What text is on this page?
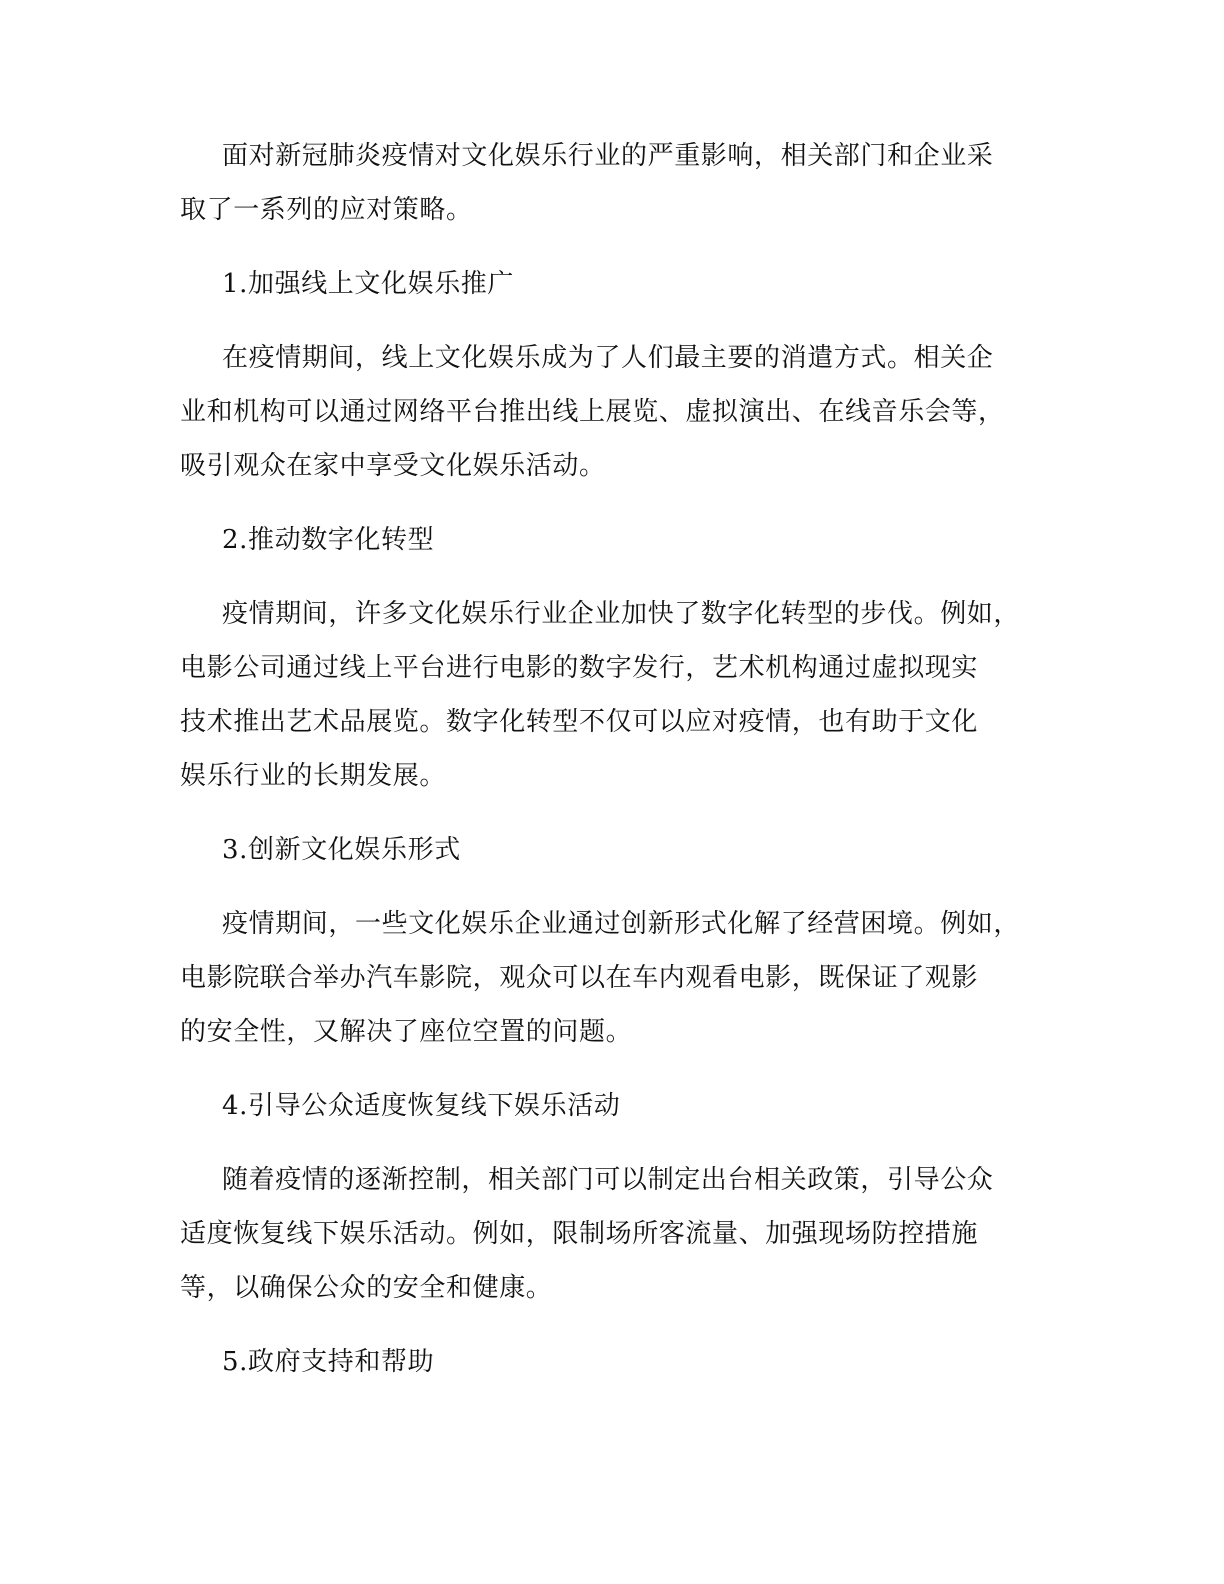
面对新冠肺炎疫情对文化娱乐行业的严重影响，相关部门和企业采
取了一系列的应对策略。
1.加强线上文化娱乐推广
在疫情期间，线上文化娱乐成为了人们最主要的消遣方式。相关企
业和机构可以通过网络平台推出线上展览、虚拟演出、在线音乐会等，
吸引观众在家中享受文化娱乐活动。
2.推动数字化转型
疫情期间，许多文化娱乐行业企业加快了数字化转型的步伐。例如，
电影公司通过线上平台进行电影的数字发行，艺术机构通过虚拟现实
技术推出艺术品展览。数字化转型不仅可以应对疫情，也有助于文化
娱乐行业的长期发展。
3.创新文化娱乐形式
疫情期间，一些文化娱乐企业通过创新形式化解了经营困境。例如，
电影院联合举办汽车影院，观众可以在车内观看电影，既保证了观影
的安全性，又解决了座位空置的问题。
4.引导公众适度恢复线下娱乐活动
随着疫情的逐渐控制，相关部门可以制定出台相关政策，引导公众
适度恢复线下娱乐活动。例如，限制场所客流量、加强现场防控措施
等，以确保公众的安全和健康。
5.政府支持和帮助
